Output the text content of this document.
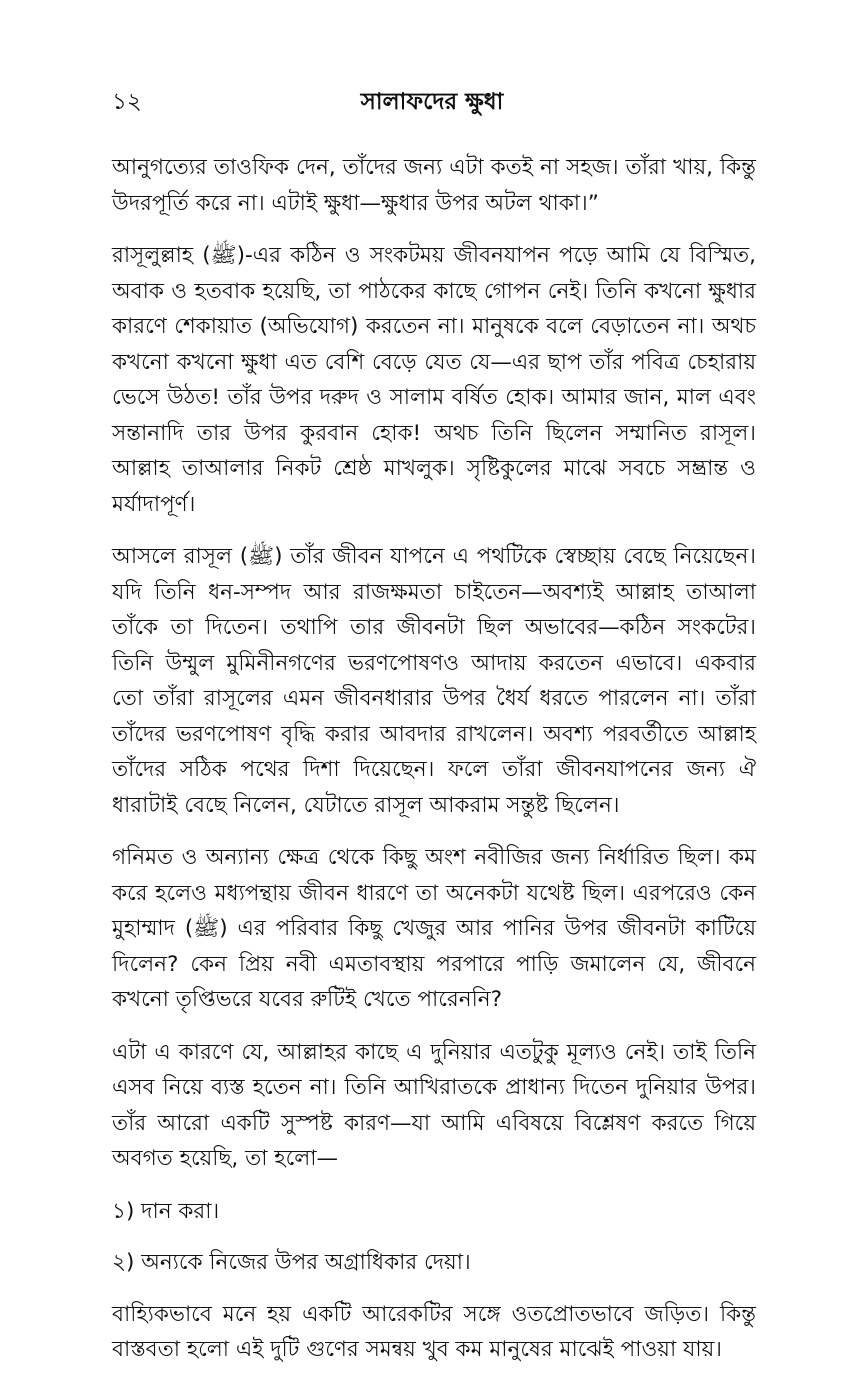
১২	সালাফদের ক্ষুধা

আনুগত্যের তাওফিক দেন, তাঁদের জন্য এটা কতই না সহজ। তাঁরা খায়, কিন্তু উদরপূর্তি করে না। এটাই ক্ষুধা—ক্ষুধার উপর অটল থাকা।”

রাসূলুল্লাহ (ﷺ)-এর কঠিন ও সংকটময় জীবনযাপন পড়ে আমি যে বিস্মিত, অবাক ও হতবাক হয়েছি, তা পাঠকের কাছে গোপন নেই। তিনি কখনো ক্ষুধার কারণে শেকায়াত (অভিযোগ) করতেন না। মানুষকে বলে বেড়াতেন না। অথচ কখনো কখনো ক্ষুধা এত বেশি বেড়ে যেত যে—এর ছাপ তাঁর পবিত্র চেহারায় ভেসে উঠত! তাঁর উপর দরুদ ও সালাম বর্ষিত হোক। আমার জান, মাল এবং সন্তানাদি তার উপর কুরবান হোক! অথচ তিনি ছিলেন সম্মানিত রাসূল। আল্লাহ তাআলার নিকট শ্রেষ্ঠ মাখলুক। সৃষ্টিকুলের মাঝে সবচে সম্ভ্রান্ত ও মর্যাদাপূর্ণ।

আসলে রাসূল (ﷺ) তাঁর জীবন যাপনে এ পথটিকে স্বেচ্ছায় বেছে নিয়েছেন। যদি তিনি ধন-সম্পদ আর রাজক্ষমতা চাইতেন—অবশ্যই আল্লাহ তাআলা তাঁকে তা দিতেন। তথাপি তার জীবনটা ছিল অভাবের—কঠিন সংকটের। তিনি উম্মুল মুমিনীনগণের ভরণপোষণও আদায় করতেন এভাবে। একবার তো তাঁরা রাসূলের এমন জীবনধারার উপর ধৈর্য ধরতে পারলেন না। তাঁরা তাঁদের ভরণপোষণ বৃদ্ধি করার আবদার রাখলেন। অবশ্য পরবর্তীতে আল্লাহ তাঁদের সঠিক পথের দিশা দিয়েছেন। ফলে তাঁরা জীবনযাপনের জন্য ঐ ধারাটাই বেছে নিলেন, যেটাতে রাসূল আকরাম সন্তুষ্ট ছিলেন।

গনিমত ও অন্যান্য ক্ষেত্র থেকে কিছু অংশ নবীজির জন্য নির্ধারিত ছিল। কম করে হলেও মধ্যপন্থায় জীবন ধারণে তা অনেকটা যথেষ্ট ছিল। এরপরেও কেন মুহাম্মাদ (ﷺ) এর পরিবার কিছু খেজুর আর পানির উপর জীবনটা কাটিয়ে দিলেন? কেন প্রিয় নবী এমতাবস্থায় পরপারে পাড়ি জমালেন যে, জীবনে কখনো তৃপ্তিভরে যবের রুটিই খেতে পারেননি?

এটা এ কারণে যে, আল্লাহর কাছে এ দুনিয়ার এতটুকু মূল্যও নেই। তাই তিনি এসব নিয়ে ব্যস্ত হতেন না। তিনি আখিরাতকে প্রাধান্য দিতেন দুনিয়ার উপর। তাঁর আরো একটি সুস্পষ্ট কারণ—যা আমি এবিষয়ে বিশ্লেষণ করতে গিয়ে অবগত হয়েছি, তা হলো—

১) দান করা।

২) অন্যকে নিজের উপর অগ্রাধিকার দেয়া।

বাহ্যিকভাবে মনে হয় একটি আরেকটির সঙ্গে ওতপ্রোতভাবে জড়িত। কিন্তু বাস্তবতা হলো এই দুটি গুণের সমন্বয় খুব কম মানুষের মাঝেই পাওয়া যায়।
